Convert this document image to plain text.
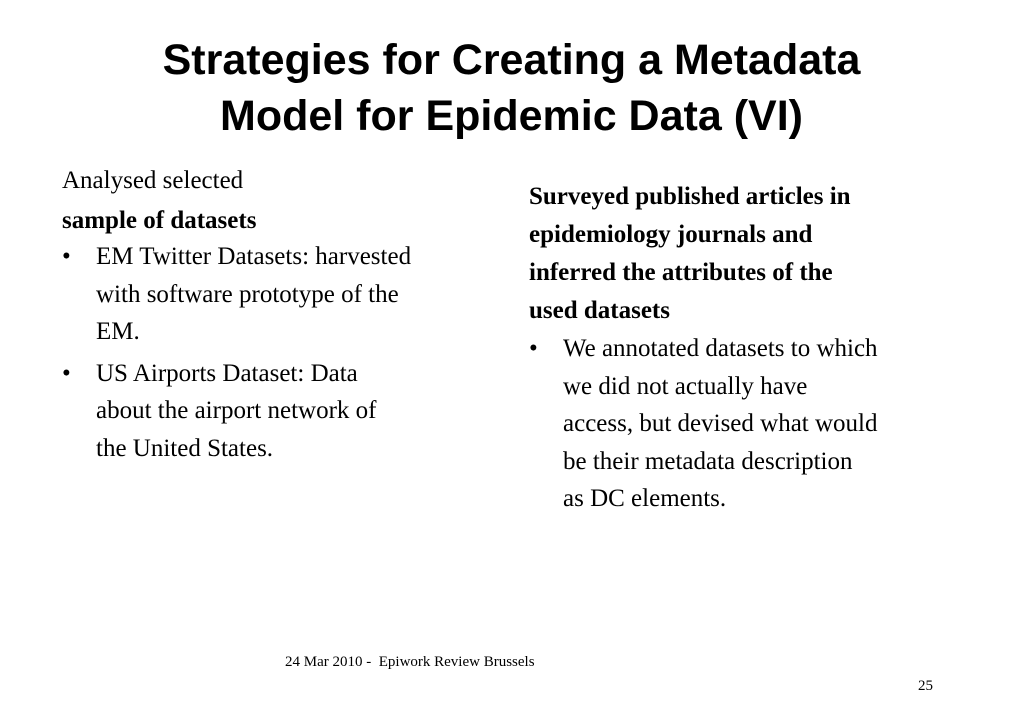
Strategies for Creating a Metadata
Model for Epidemic Data (VI)

Analysed selected

sample of datasets

• EM Twitter Datasets: harvested
with software prototype of the
EM.
• US Airports Dataset: Data
about the airport network of
the United States.
Surveyed published articles in
epidemiology journals and
inferred the attributes of the
used datasets
• We annotated datasets to which
we did not actually have
access, but devised what would
be their metadata description
as DC elements.
24 Mar 2010 -  Epiwork Review Brussels
25
